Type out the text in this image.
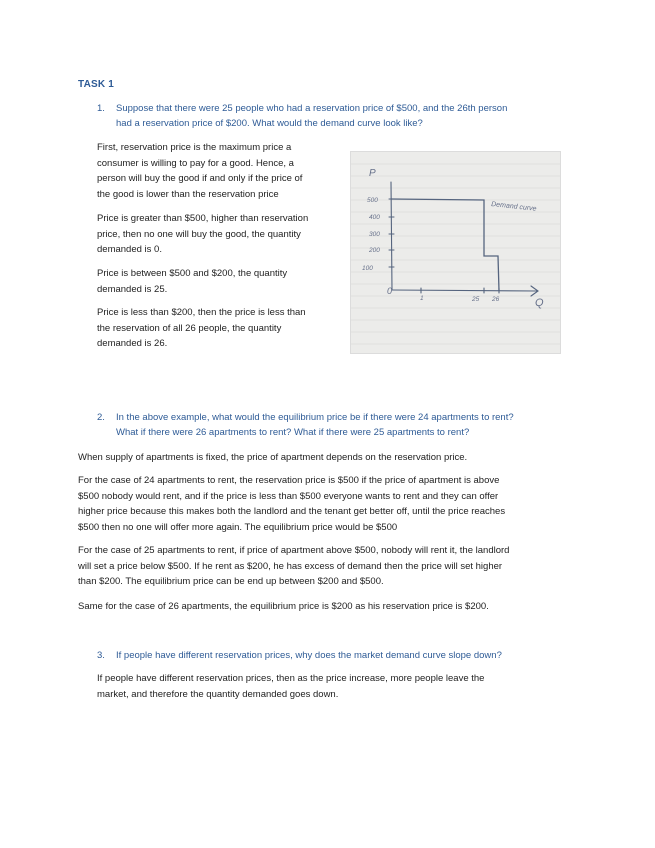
TASK 1
1. Suppose that there were 25 people who had a reservation price of $500, and the 26th person
had a reservation price of $200. What would the demand curve look like?
First, reservation price is the maximum price a
consumer is willing to pay for a good. Hence, a
person will buy the good if and only if the price of
the good is lower than the reservation price
Price is greater than $500, higher than reservation
price, then no one will buy the good, the quantity
demanded is 0.
Price is between $500 and $200, the quantity
demanded is 25.
Price is less than $200, then the price is less than
the reservation of all 26 people, the quantity
demanded is 26.
P
Q
0
Demand curve
500
400
300
200
100
1	25 26
2. In the above example, what would the equilibrium price be if there were 24 apartments to rent?
What if there were 26 apartments to rent? What if there were 25 apartments to rent?
When supply of apartments is fixed, the price of apartment depends on the reservation price.
For the case of 24 apartments to rent, the reservation price is $500 if the price of apartment is above
$500 nobody would rent, and if the price is less than $500 everyone wants to rent and they can offer
higher price because this makes both the landlord and the tenant get better off, until the price reaches
$500 then no one will offer more again. The equilibrium price would be $500
For the case of 25 apartments to rent, if price of apartment above $500, nobody will rent it, the landlord
will set a price below $500. If he rent as $200, he has excess of demand then the price will set higher
than $200. The equilibrium price can be end up between $200 and $500.
Same for the case of 26 apartments, the equilibrium price is $200 as his reservation price is $200.
3. If people have different reservation prices, why does the market demand curve slope down?
If people have different reservation prices, then as the price increase, more people leave the
market, and therefore the quantity demanded goes down.
